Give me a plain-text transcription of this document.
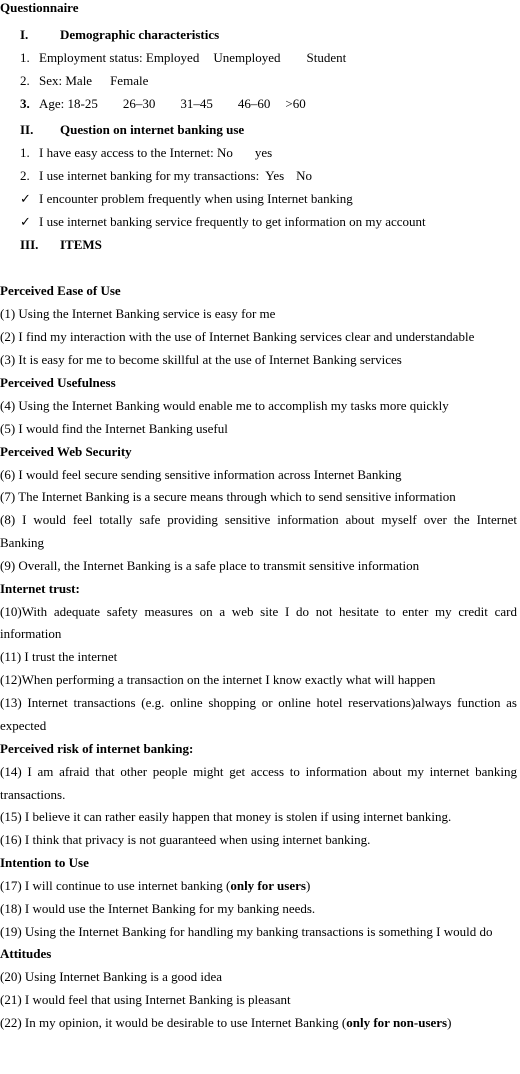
Questionnaire
I. Demographic characteristics
1. Employment status: Employed Unemployed Student
2. Sex: Male Female
3. Age: 18-25 26–30 31–45 46–60 >60
II. Question on internet banking use
1. I have easy access to the Internet: No yes
2. I use internet banking for my transactions: Yes No
✓ I encounter problem frequently when using Internet banking
✓ I use internet banking service frequently to get information on my account
III. ITEMS
Perceived Ease of Use
(1) Using the Internet Banking service is easy for me
(2) I find my interaction with the use of Internet Banking services clear and understandable
(3) It is easy for me to become skillful at the use of Internet Banking services
Perceived Usefulness
(4) Using the Internet Banking would enable me to accomplish my tasks more quickly
(5) I would find the Internet Banking useful
Perceived Web Security
(6) I would feel secure sending sensitive information across Internet Banking
(7) The Internet Banking is a secure means through which to send sensitive information
(8) I would feel totally safe providing sensitive information about myself over the Internet
Banking
(9) Overall, the Internet Banking is a safe place to transmit sensitive information
Internet trust:
(10)With adequate safety measures on a web site I do not hesitate to enter my credit card
information
(11) I trust the internet
(12)When performing a transaction on the internet I know exactly what will happen
(13) Internet transactions (e.g. online shopping or online hotel reservations)always function as
expected
Perceived risk of internet banking:
(14) I am afraid that other people might get access to information about my internet banking
transactions.
(15) I believe it can rather easily happen that money is stolen if using internet banking.
(16) I think that privacy is not guaranteed when using internet banking.
Intention to Use
(17) I will continue to use internet banking (only for users)
(18) I would use the Internet Banking for my banking needs.
(19) Using the Internet Banking for handling my banking transactions is something I would do
Attitudes
(20) Using Internet Banking is a good idea
(21) I would feel that using Internet Banking is pleasant
(22) In my opinion, it would be desirable to use Internet Banking (only for non-users)
